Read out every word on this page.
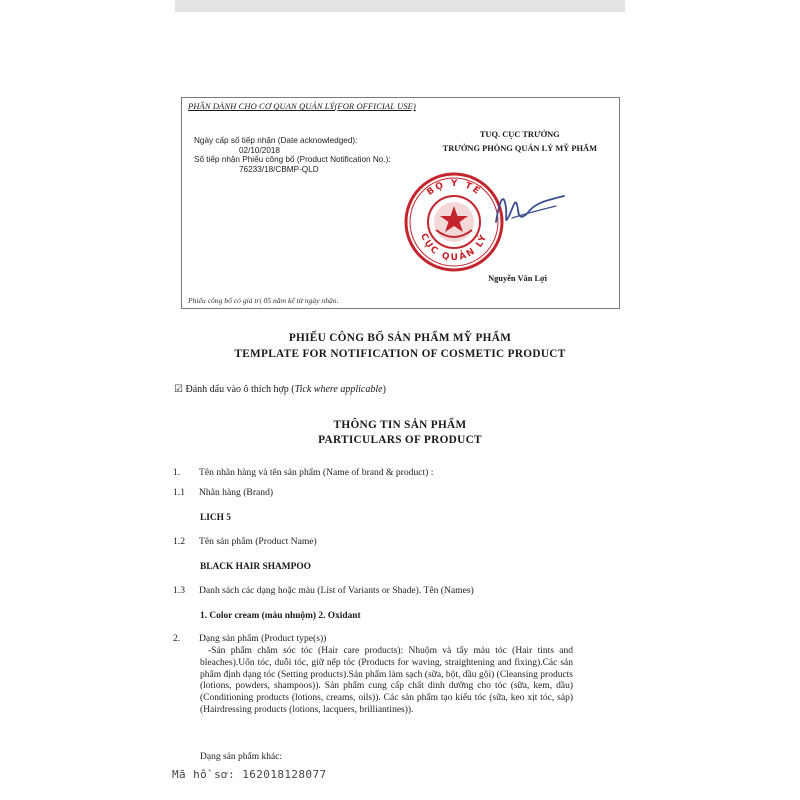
PHẦN DÀNH CHO CƠ QUAN QUẢN LÝ(FOR OFFICIAL USE)
Ngày cấp số tiếp nhận (Date acknowledged):
02/10/2018
Số tiếp nhận Phiếu công bố (Product Notification No.):
76233/18/CBMP-QLD
TUQ. CỤC TRƯỞNG
TRƯỞNG PHÒNG QUẢN LÝ MỸ PHẨM
BỘ Y TẾ
CỤC QUẢN LÝ
Nguyễn Văn Lợi
Phiếu công bố có giá trị 05 năm kể từ ngày nhận.
PHIẾU CÔNG BỐ SẢN PHẨM MỸ PHẨM
TEMPLATE FOR NOTIFICATION OF COSMETIC PRODUCT
☑ Đánh dấu vào ô thích hợp (Tick where applicable)
THÔNG TIN SẢN PHẨM
PARTICULARS OF PRODUCT
1. Tên nhãn hàng và tên sản phẩm (Name of brand & product) :
1.1 Nhãn hàng (Brand)
LICH 5
1.2 Tên sản phẩm (Product Name)
BLACK HAIR SHAMPOO
1.3 Danh sách các dạng hoặc màu (List of Variants or Shade). Tên (Names)
1. Color cream (màu nhuộm) 2. Oxidant
2. Dạng sản phẩm (Product type(s))
-Sản phẩm chăm sóc tóc (Hair care products): Nhuộm và tẩy màu tóc (Hair tints and bleaches).Uốn tóc, duỗi tóc, giữ nếp tóc (Products for waving, straightening and fixing).Các sản phẩm định dạng tóc (Setting products).Sản phẩm làm sạch (sữa, bột, dầu gội) (Cleansing products (lotions, powders, shampoos)). Sản phẩm cung cấp chất dinh dưỡng cho tóc (sữa, kem, dầu) (Conditioning products (lotions, creams, oils)). Các sản phẩm tạo kiểu tóc (sữa, keo xịt tóc, sáp)(Hairdressing products (lotions, lacquers, brilliantines)).
Dạng sản phẩm khác:
Mã hồ sơ: 162018128077
